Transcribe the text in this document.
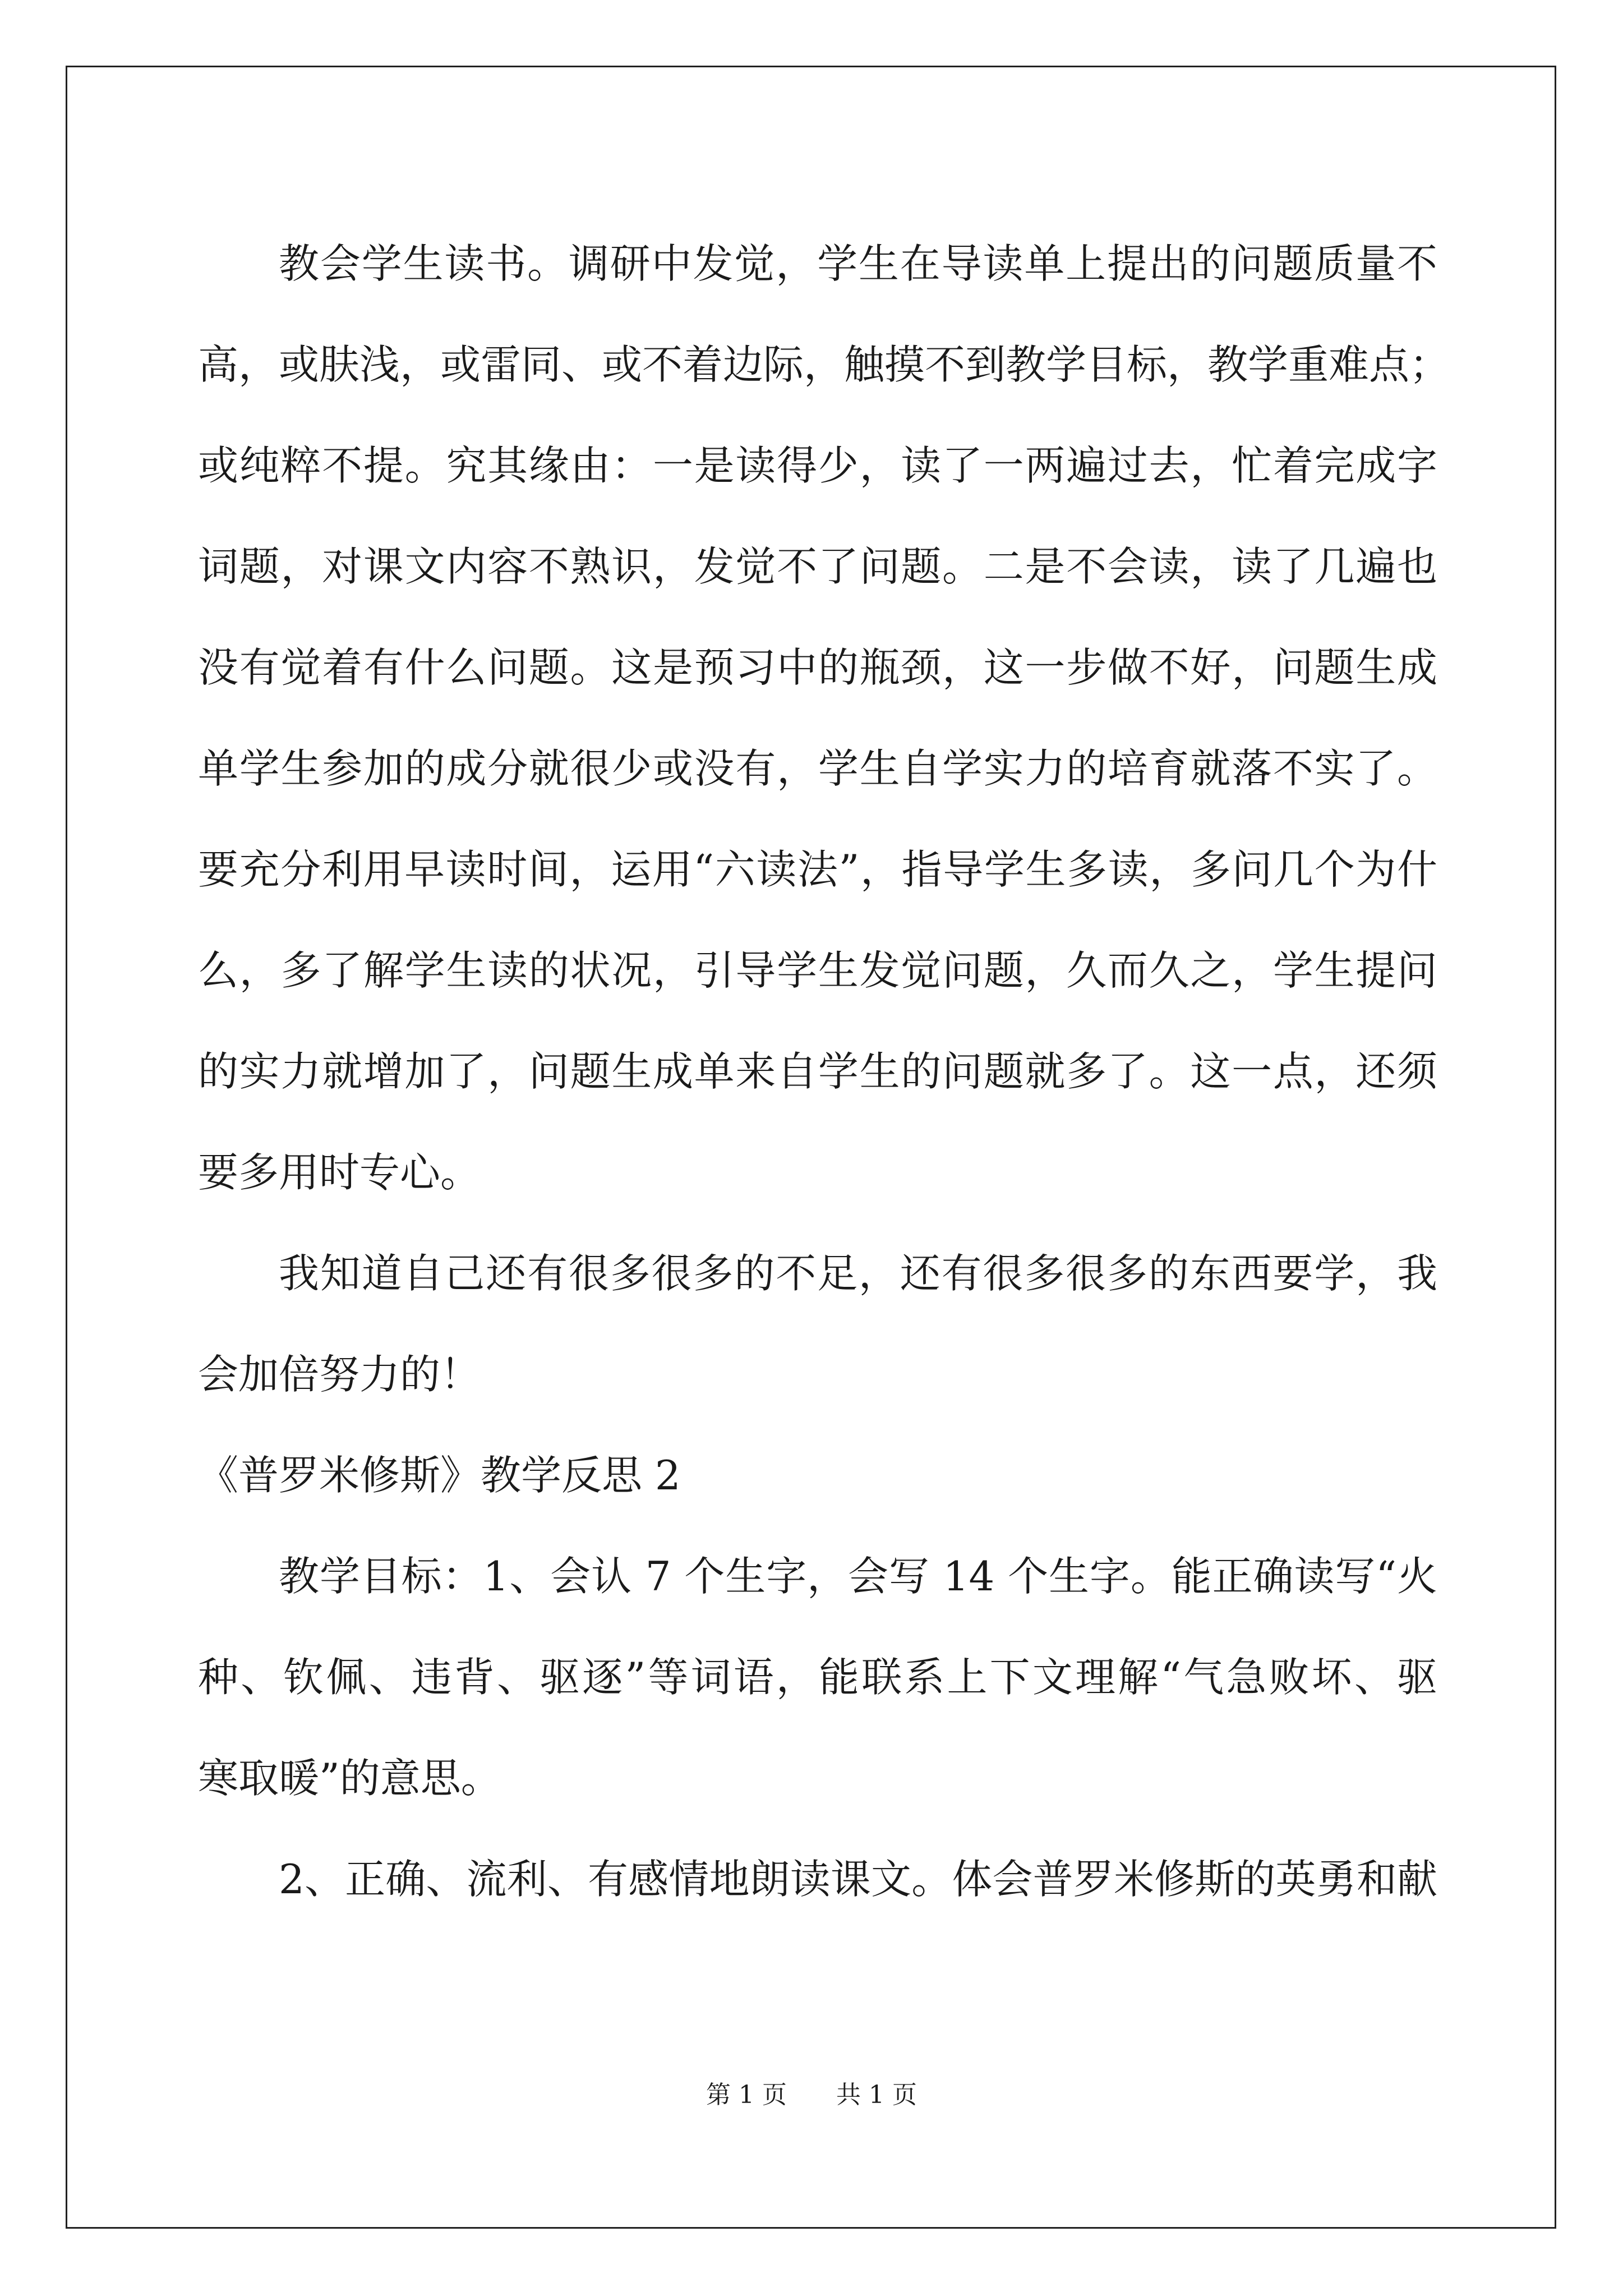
教会学生读书。调研中发觉，学生在导读单上提出的问题质量不
高，或肤浅，或雷同、或不着边际，触摸不到教学目标，教学重难点；
或纯粹不提。究其缘由：一是读得少，读了一两遍过去，忙着完成字
词题，对课文内容不熟识，发觉不了问题。二是不会读，读了几遍也
没有觉着有什么问题。这是预习中的瓶颈，这一步做不好，问题生成
单学生参加的成分就很少或没有，学生自学实力的培育就落不实了。
要充分利用早读时间，运用“六读法”，指导学生多读，多问几个为什
么，多了解学生读的状况，引导学生发觉问题，久而久之，学生提问
的实力就增加了，问题生成单来自学生的问题就多了。这一点，还须
要多用时专心。
我知道自己还有很多很多的不足，还有很多很多的东西要学，我
会加倍努力的！
《普罗米修斯》教学反思 2
教学目标：1、会认 7 个生字，会写 14 个生字。能正确读写“火
种、钦佩、违背、驱逐”等词语，能联系上下文理解“气急败坏、驱
寒取暖”的意思。
2、正确、流利、有感情地朗读课文。体会普罗米修斯的英勇和献
第 1 页 共 1 页
